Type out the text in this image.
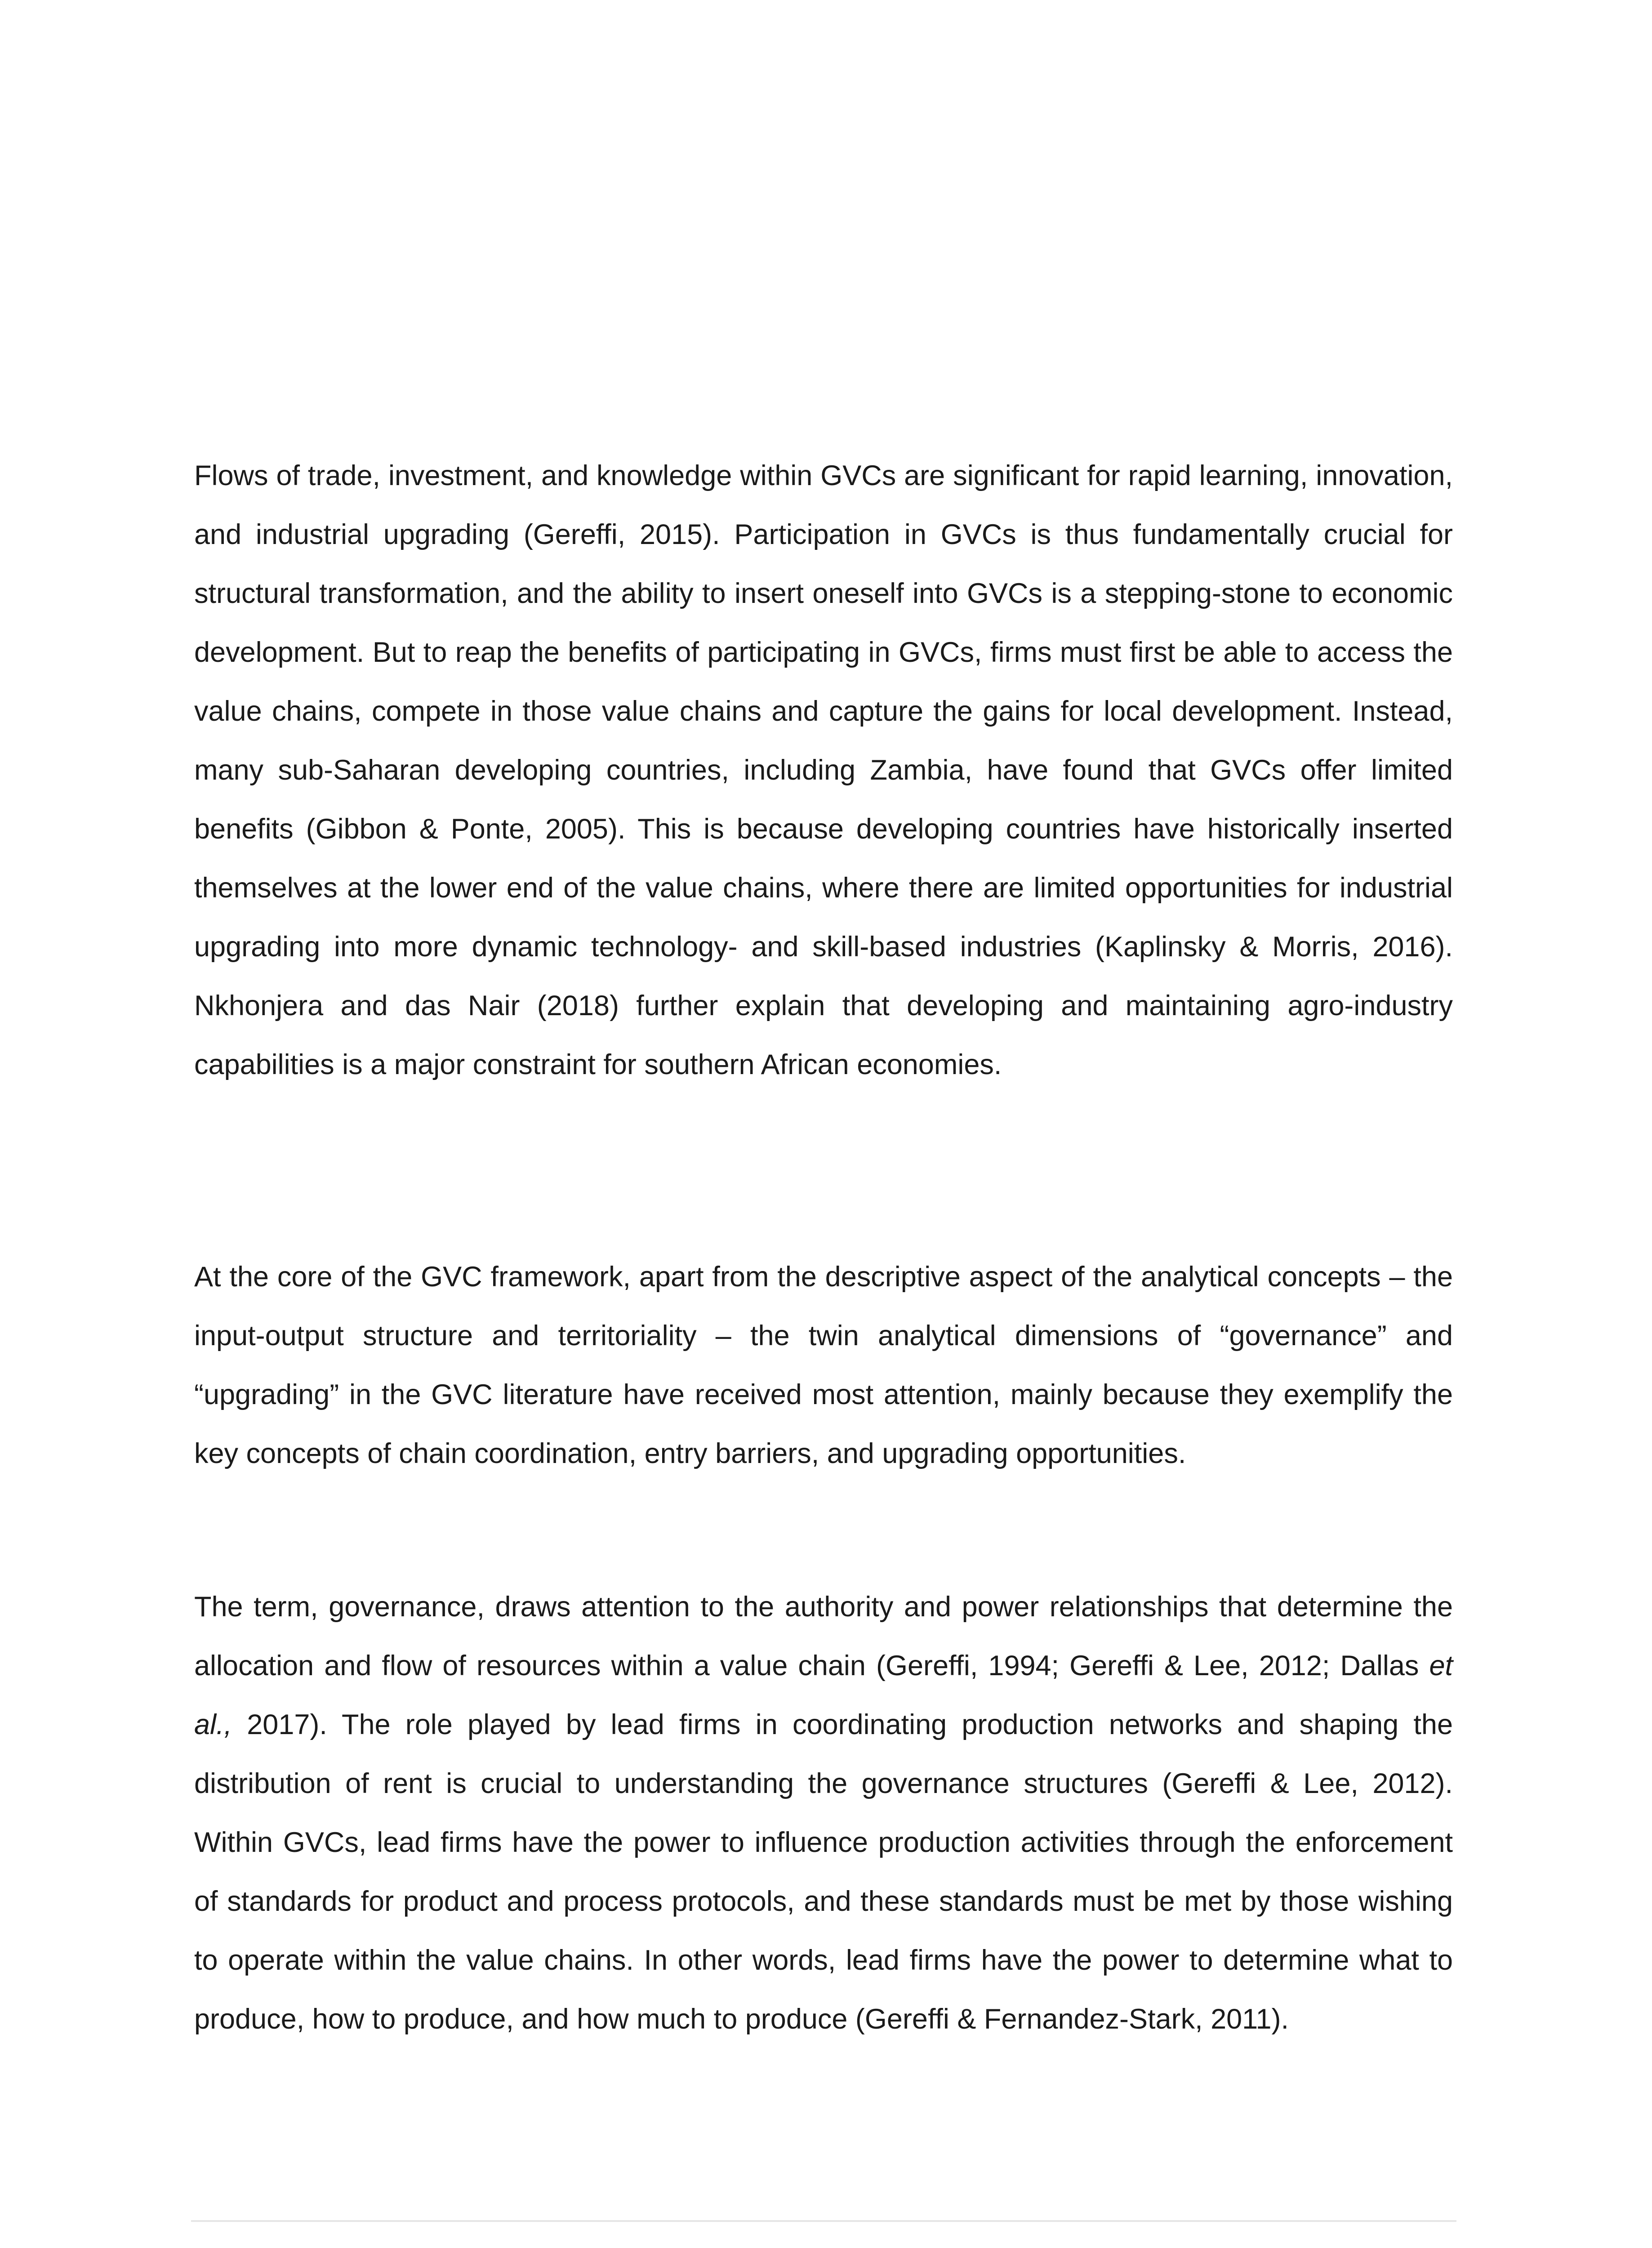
Flows of trade, investment, and knowledge within GVCs are significant for rapid learning, innovation, and industrial upgrading (Gereffi, 2015). Participation in GVCs is thus fundamentally crucial for structural transformation, and the ability to insert oneself into GVCs is a stepping-stone to economic development. But to reap the benefits of participating in GVCs, firms must first be able to access the value chains, compete in those value chains and capture the gains for local development. Instead, many sub-Saharan developing countries, including Zambia, have found that GVCs offer limited benefits (Gibbon & Ponte, 2005). This is because developing countries have historically inserted themselves at the lower end of the value chains, where there are limited opportunities for industrial upgrading into more dynamic technology- and skill-based industries (Kaplinsky & Morris, 2016). Nkhonjera and das Nair (2018) further explain that developing and maintaining agro-industry capabilities is a major constraint for southern African economies.

At the core of the GVC framework, apart from the descriptive aspect of the analytical concepts – the input-output structure and territoriality – the twin analytical dimensions of “governance” and “upgrading” in the GVC literature have received most attention, mainly because they exemplify the key concepts of chain coordination, entry barriers, and upgrading opportunities.

The term, governance, draws attention to the authority and power relationships that determine the allocation and flow of resources within a value chain (Gereffi, 1994; Gereffi & Lee, 2012; Dallas et al., 2017). The role played by lead firms in coordinating production networks and shaping the distribution of rent is crucial to understanding the governance structures (Gereffi & Lee, 2012). Within GVCs, lead firms have the power to influence production activities through the enforcement of standards for product and process protocols, and these standards must be met by those wishing to operate within the value chains. In other words, lead firms have the power to determine what to produce, how to produce, and how much to produce (Gereffi & Fernandez-Stark, 2011).
